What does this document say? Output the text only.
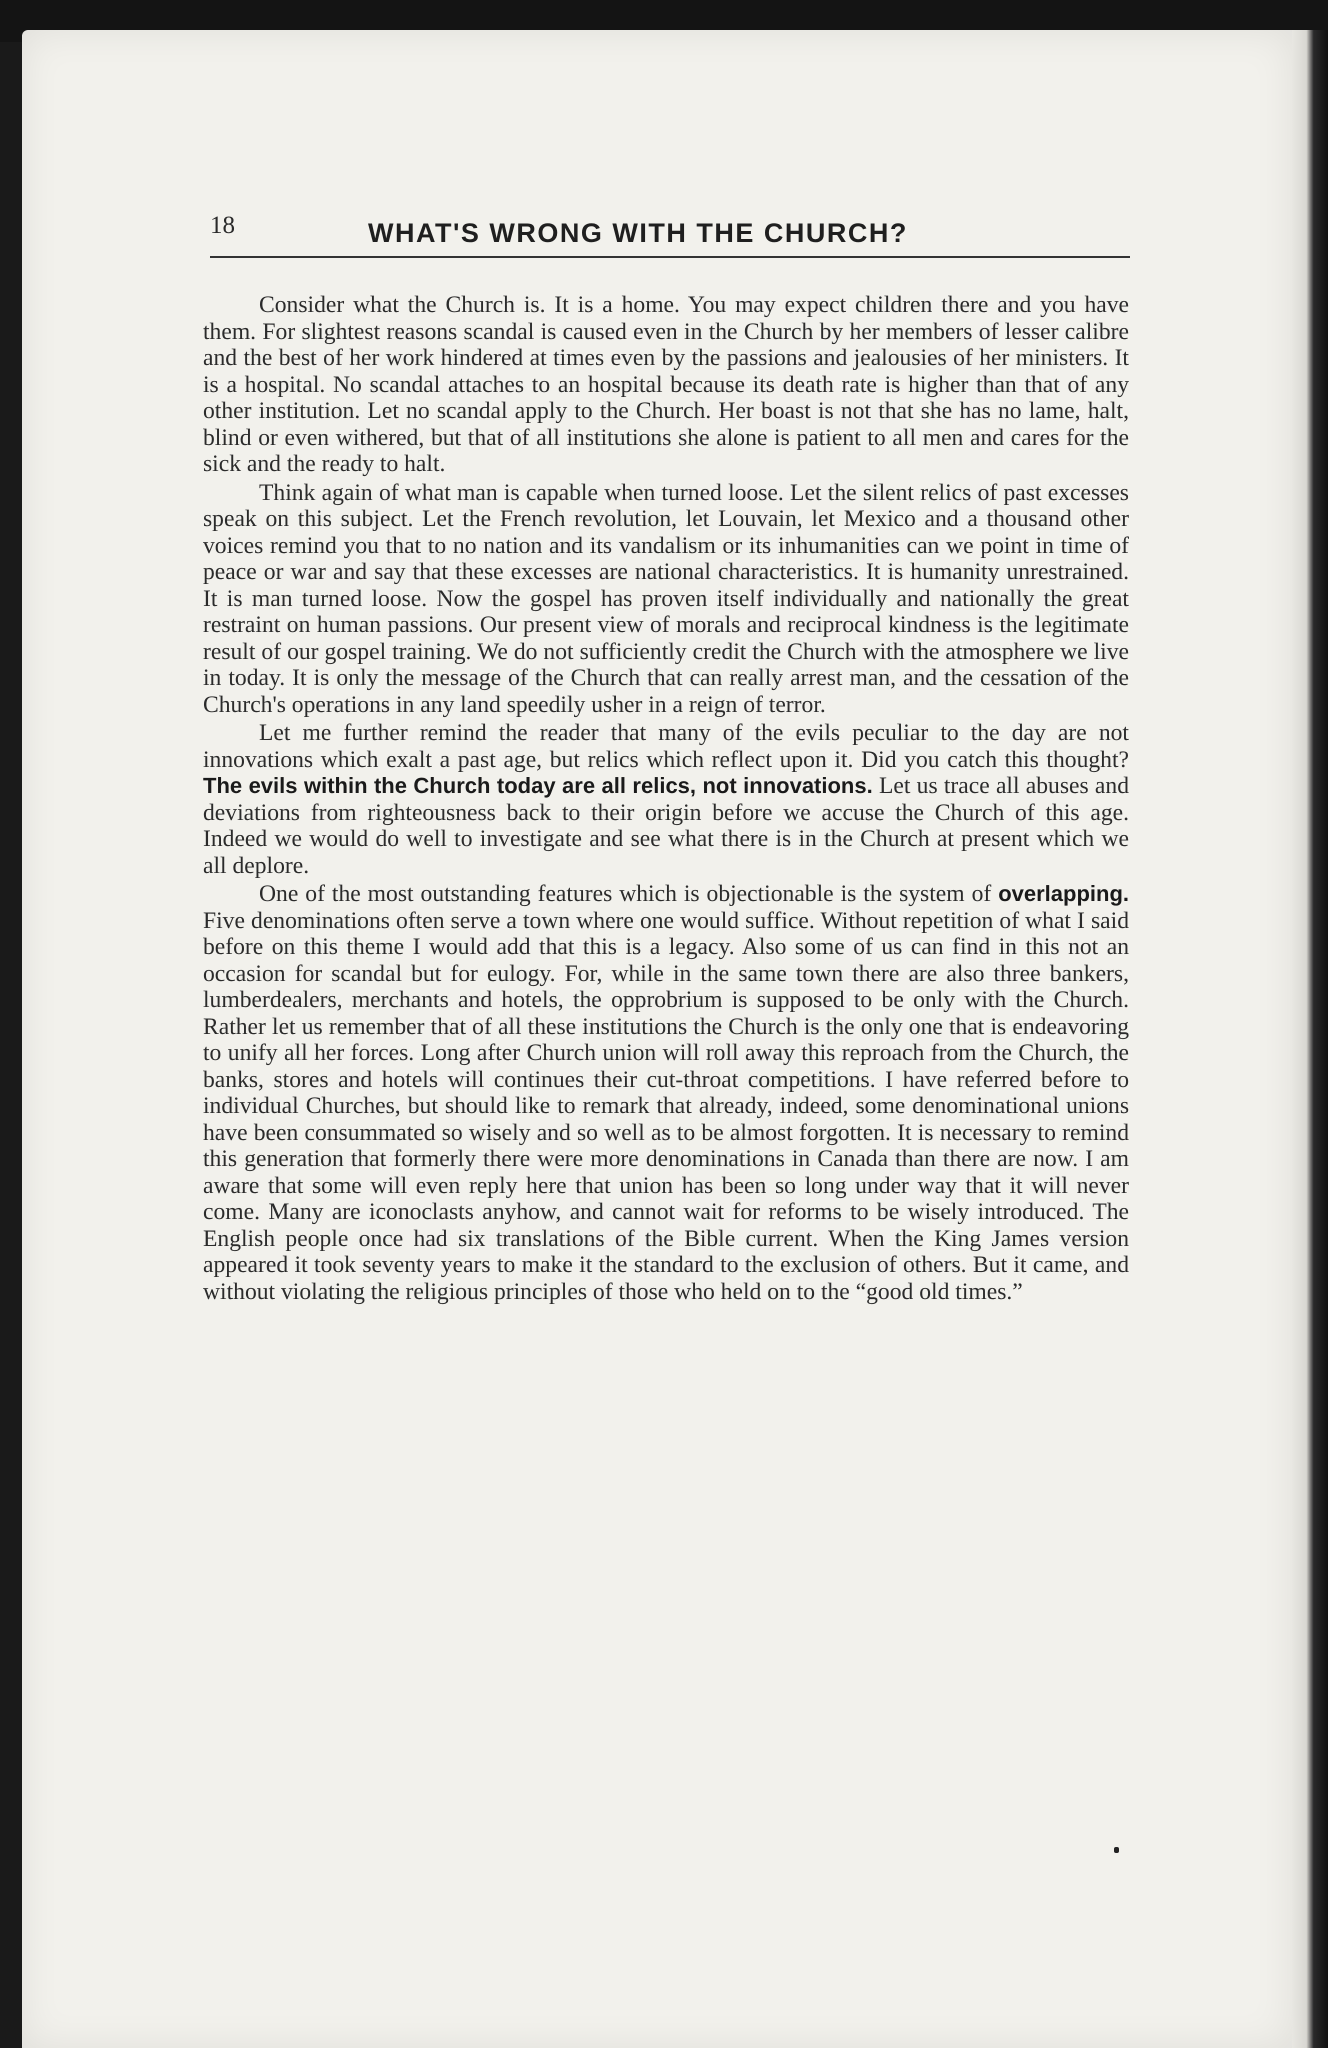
18	WHAT'S WRONG WITH THE CHURCH?

Consider what the Church is. It is a home. You may expect children there and you have them. For slightest reasons scandal is caused even in the Church by her members of lesser calibre and the best of her work hindered at times even by the passions and jealousies of her ministers. It is a hospital. No scandal attaches to an hospital because its death rate is higher than that of any other institution. Let no scandal apply to the Church. Her boast is not that she has no lame, halt, blind or even withered, but that of all institutions she alone is patient to all men and cares for the sick and the ready to halt.

Think again of what man is capable when turned loose. Let the silent relics of past excesses speak on this subject. Let the French revolution, let Louvain, let Mexico and a thousand other voices remind you that to no nation and its vandalism or its inhumanities can we point in time of peace or war and say that these excesses are national characteristics. It is humanity unrestrained. It is man turned loose. Now the gospel has proven itself individually and nationally the great restraint on human passions. Our present view of morals and reciprocal kindness is the legitimate result of our gospel training. We do not sufficiently credit the Church with the atmosphere we live in today. It is only the message of the Church that can really arrest man, and the cessation of the Church's operations in any land speedily usher in a reign of terror.

Let me further remind the reader that many of the evils peculiar to the day are not innovations which exalt a past age, but relics which reflect upon it. Did you catch this thought? The evils within the Church today are all relics, not innovations. Let us trace all abuses and deviations from righteousness back to their origin before we accuse the Church of this age. Indeed we would do well to investigate and see what there is in the Church at present which we all deplore.

One of the most outstanding features which is objectionable is the system of overlapping. Five denominations often serve a town where one would suffice. Without repetition of what I said before on this theme I would add that this is a legacy. Also some of us can find in this not an occasion for scandal but for eulogy. For, while in the same town there are also three bankers, lumberdealers, merchants and hotels, the opprobrium is supposed to be only with the Church. Rather let us remember that of all these institutions the Church is the only one that is endeavoring to unify all her forces. Long after Church union will roll away this reproach from the Church, the banks, stores and hotels will continues their cut-throat competitions. I have referred before to individual Churches, but should like to remark that already, indeed, some denominational unions have been consummated so wisely and so well as to be almost forgotten. It is necessary to remind this generation that formerly there were more denominations in Canada than there are now. I am aware that some will even reply here that union has been so long under way that it will never come. Many are iconoclasts anyhow, and cannot wait for reforms to be wisely introduced. The English people once had six translations of the Bible current. When the King James version appeared it took seventy years to make it the standard to the exclusion of others. But it came, and without violating the religious principles of those who held on to the “good old times.”
